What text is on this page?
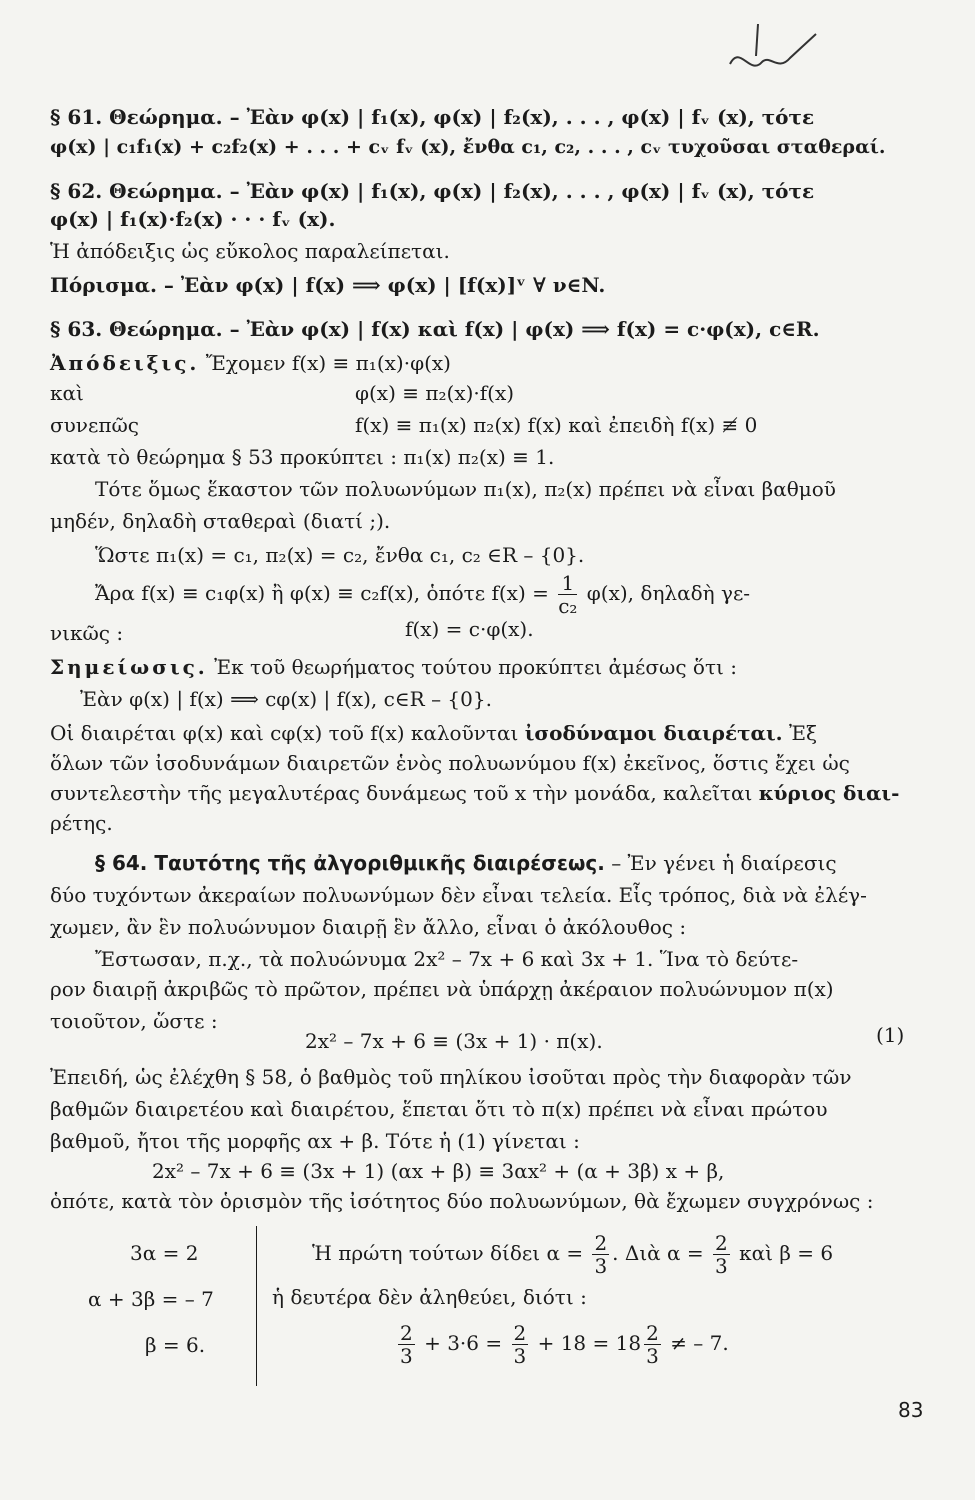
§ 61. Θεώρημα. – Ἐὰν φ(x) | f₁(x), φ(x) | f₂(x), . . . , φ(x) | fᵥ (x), τότε
φ(x) | c₁f₁(x) + c₂f₂(x) + . . . + cᵥ fᵥ (x), ἔνθα c₁, c₂, . . . , cᵥ τυχοῦσαι σταθεραί.
§ 62. Θεώρημα. – Ἐὰν φ(x) | f₁(x), φ(x) | f₂(x), . . . , φ(x) | fᵥ (x), τότε
φ(x) | f₁(x)·f₂(x) · · · fᵥ (x).
Ἡ ἀπόδειξις ὡς εὔκολος παραλείπεται.
Πόρισμα. – Ἐὰν φ(x) | f(x) ⟹ φ(x) | [f(x)]ᵛ ∀ ν∈N.
§ 63. Θεώρημα. – Ἐὰν φ(x) | f(x) καὶ f(x) | φ(x) ⟹ f(x) = c·φ(x), c∈R.
Ἀπόδειξις. Ἔχομεν f(x) ≡ π₁(x)·φ(x)
καὶ	φ(x) ≡ π₂(x)·f(x)
συνεπῶς	f(x) ≡ π₁(x) π₂(x) f(x) καὶ ἐπειδὴ f(x) ≢ 0
κατὰ τὸ θεώρημα § 53 προκύπτει : π₁(x) π₂(x) ≡ 1.
Τότε ὅμως ἕκαστον τῶν πολυωνύμων π₁(x), π₂(x) πρέπει νὰ εἶναι βαθμοῦ
μηδέν, δηλαδὴ σταθεραὶ (διατί ;).
Ὥστε π₁(x) = c₁, π₂(x) = c₂, ἔνθα c₁, c₂ ∈R – {0}.
Ἄρα f(x) ≡ c₁φ(x) ἢ φ(x) ≡ c₂f(x), ὁπότε $f(x) = \frac{1}{\text{c₂}} \varphi(x)$, δηλαδὴ γε-
νικῶς :	f(x) = c·φ(x).
Σημείωσις. Ἐκ τοῦ θεωρήματος τούτου προκύπτει ἀμέσως ὅτι :
Ἐὰν φ(x) | f(x) ⟹ cφ(x) | f(x), c∈R – {0}.
Οἱ διαιρέται φ(x) καὶ cφ(x) τοῦ f(x) καλοῦνται ἰσοδύναμοι διαιρέται. Ἐξ
ὅλων τῶν ἰσοδυνάμων διαιρετῶν ἑνὸς πολυωνύμου f(x) ἐκεῖνος, ὅστις ἔχει ὡς
συντελεστὴν τῆς μεγαλυτέρας δυνάμεως τοῦ x τὴν μονάδα, καλεῖται κύριος διαι-
ρέτης.
§ 64. Ταυτότης τῆς ἀλγοριθμικῆς διαιρέσεως. – Ἐν γένει ἡ διαίρεσις
δύο τυχόντων ἀκεραίων πολυωνύμων δὲν εἶναι τελεία. Εἷς τρόπος, διὰ νὰ ἐλέγ-
χωμεν, ἂν ἓν πολυώνυμον διαιρῇ ἓν ἄλλο, εἶναι ὁ ἀκόλουθος :
Ἔστωσαν, π.χ., τὰ πολυώνυμα 2x² – 7x + 6 καὶ 3x + 1. Ἵνα τὸ δεύτε-
ρον διαιρῇ ἀκριβῶς τὸ πρῶτον, πρέπει νὰ ὑπάρχῃ ἀκέραιον πολυώνυμον π(x)
τοιοῦτον, ὥστε :
2x² – 7x + 6 ≡ (3x + 1) · π(x).	(1)
Ἐπειδή, ὡς ἐλέχθη § 58, ὁ βαθμὸς τοῦ πηλίκου ἰσοῦται πρὸς τὴν διαφορὰν τῶν
βαθμῶν διαιρετέου καὶ διαιρέτου, ἕπεται ὅτι τὸ π(x) πρέπει νὰ εἶναι πρώτου
βαθμοῦ, ἤτοι τῆς μορφῆς αx + β. Τότε ἡ (1) γίνεται :
2x² – 7x + 6 ≡ (3x + 1) (αx + β) ≡ 3αx² + (α + 3β) x + β,
ὁπότε, κατὰ τὸν ὁρισμὸν τῆς ἰσότητος δύο πολυωνύμων, θὰ ἔχωμεν συγχρόνως :
3α = 2
α + 3β = – 7
β = 6.
Ἡ πρώτη τούτων δίδει $\alpha = \frac{2}{3}$ . Διὰ $\alpha = \frac{2}{3}$ καὶ β = 6
ἡ δευτέρα δὲν ἀληθεύει, διότι :
$\frac{2}{3} + 3\cdot 6 = \frac{2}{3} + 18 = 18 \frac{2}{3}$ ≠ – 7.
83
